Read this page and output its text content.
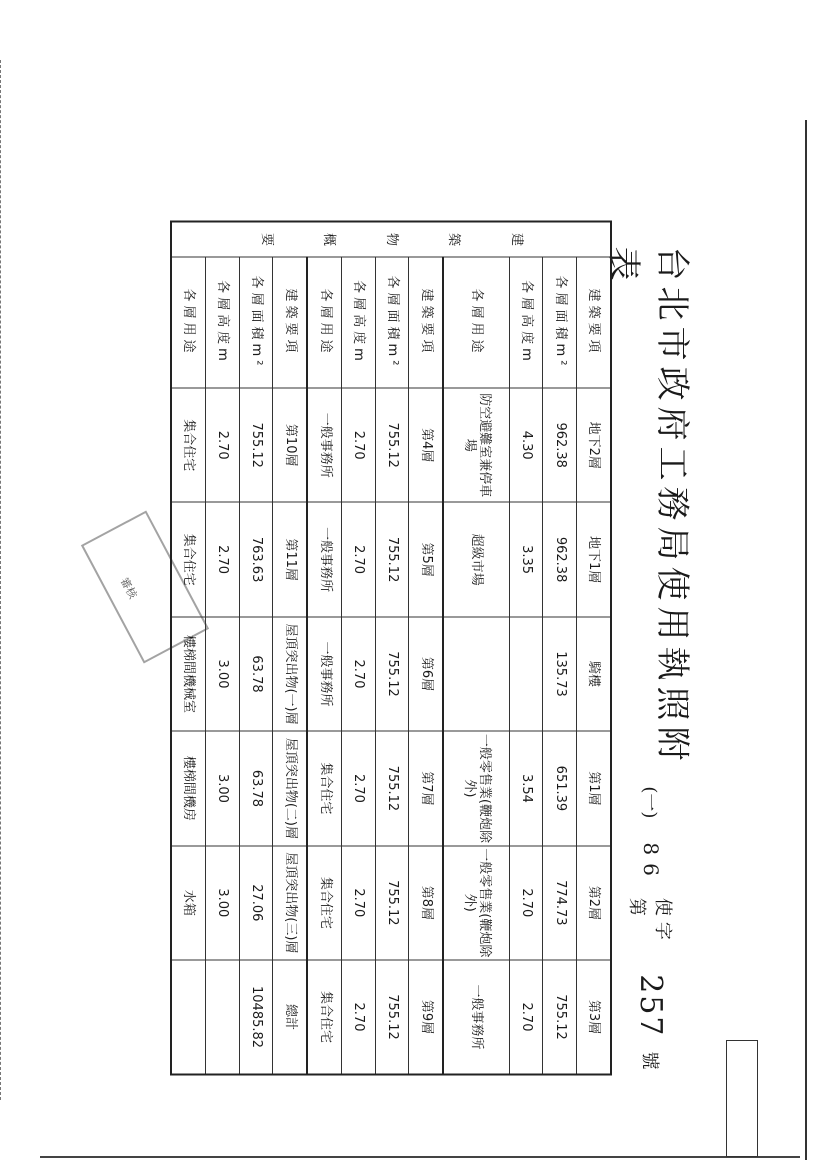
審核	台北市政府工務局使用執照附表
(一)
86
使字第
257
號
建

築

物

概

要	建築要項	地下2層	地下1層	騎樓	第1層	第2層	第3層
	各層面積m²	962.38	962.38	135.73	651.39	774.73	755.12
	各層高度m	4.30	3.35		3.54	2.70	2.70
	各層用途	防空避難室兼停車場	超級市場		一般零售業(鞭炮除外)	一般零售業(鞭炮除外)	一般事務所
	建築要項	第4層	第5層	第6層	第7層	第8層	第9層
	各層面積m²	755.12	755.12	755.12	755.12	755.12	755.12
	各層高度m	2.70	2.70	2.70	2.70	2.70	2.70
	各層用途	一般事務所	一般事務所	一般事務所	集合住宅	集合住宅	集合住宅
	建築要項	第10層	第11層	屋頂突出物(一)層	屋頂突出物(二)層	屋頂突出物(三)層	總計
	各層面積m²	755.12	763.63	63.78	63.78	27.06	10485.82
	各層高度m	2.70	2.70	3.00	3.00	3.00	
	各層用途	集合住宅	集合住宅	樓梯間機械室	樓梯間機房	水箱	
